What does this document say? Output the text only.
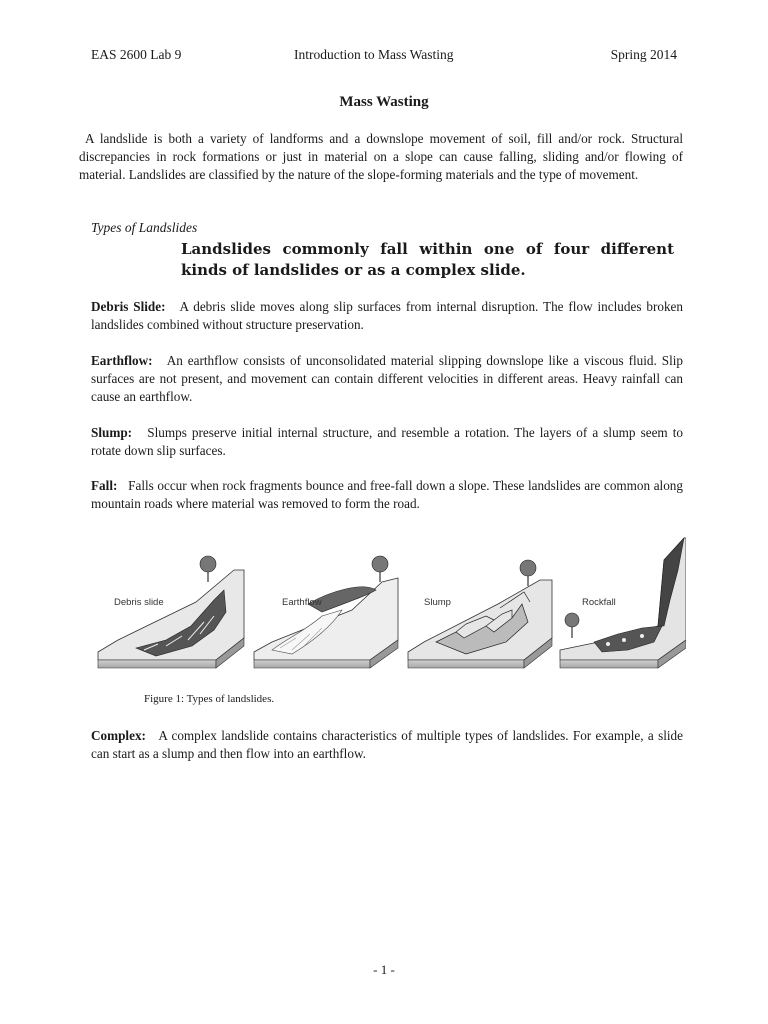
EAS 2600 Lab 9	Introduction to Mass Wasting	Spring 2014
Mass Wasting

A landslide is both a variety of landforms and a downslope movement of soil, fill and/or rock. Structural discrepancies in rock formations or just in material on a slope can cause falling, sliding and/or flowing of material. Landslides are classified by the nature of the slope-forming materials and the type of movement.

Types of Landslides
Landslides commonly fall within one of four different kinds of landslides or as a complex slide.

Debris Slide: A debris slide moves along slip surfaces from internal disruption. The flow includes broken landslides combined without structure preservation.

Earthflow: An earthflow consists of unconsolidated material slipping downslope like a viscous fluid. Slip surfaces are not present, and movement can contain different velocities in different areas. Heavy rainfall can cause an earthflow.

Slump: Slumps preserve initial internal structure, and resemble a rotation. The layers of a slump seem to rotate down slip surfaces.

Fall: Falls occur when rock fragments bounce and free-fall down a slope. These landslides are common along mountain roads where material was removed to form the road.

Debris slide	Earthflow	Slump	Rockfall
Figure 1: Types of landslides.

Complex: A complex landslide contains characteristics of multiple types of landslides. For example, a slide can start as a slump and then flow into an earthflow.

- 1 -
